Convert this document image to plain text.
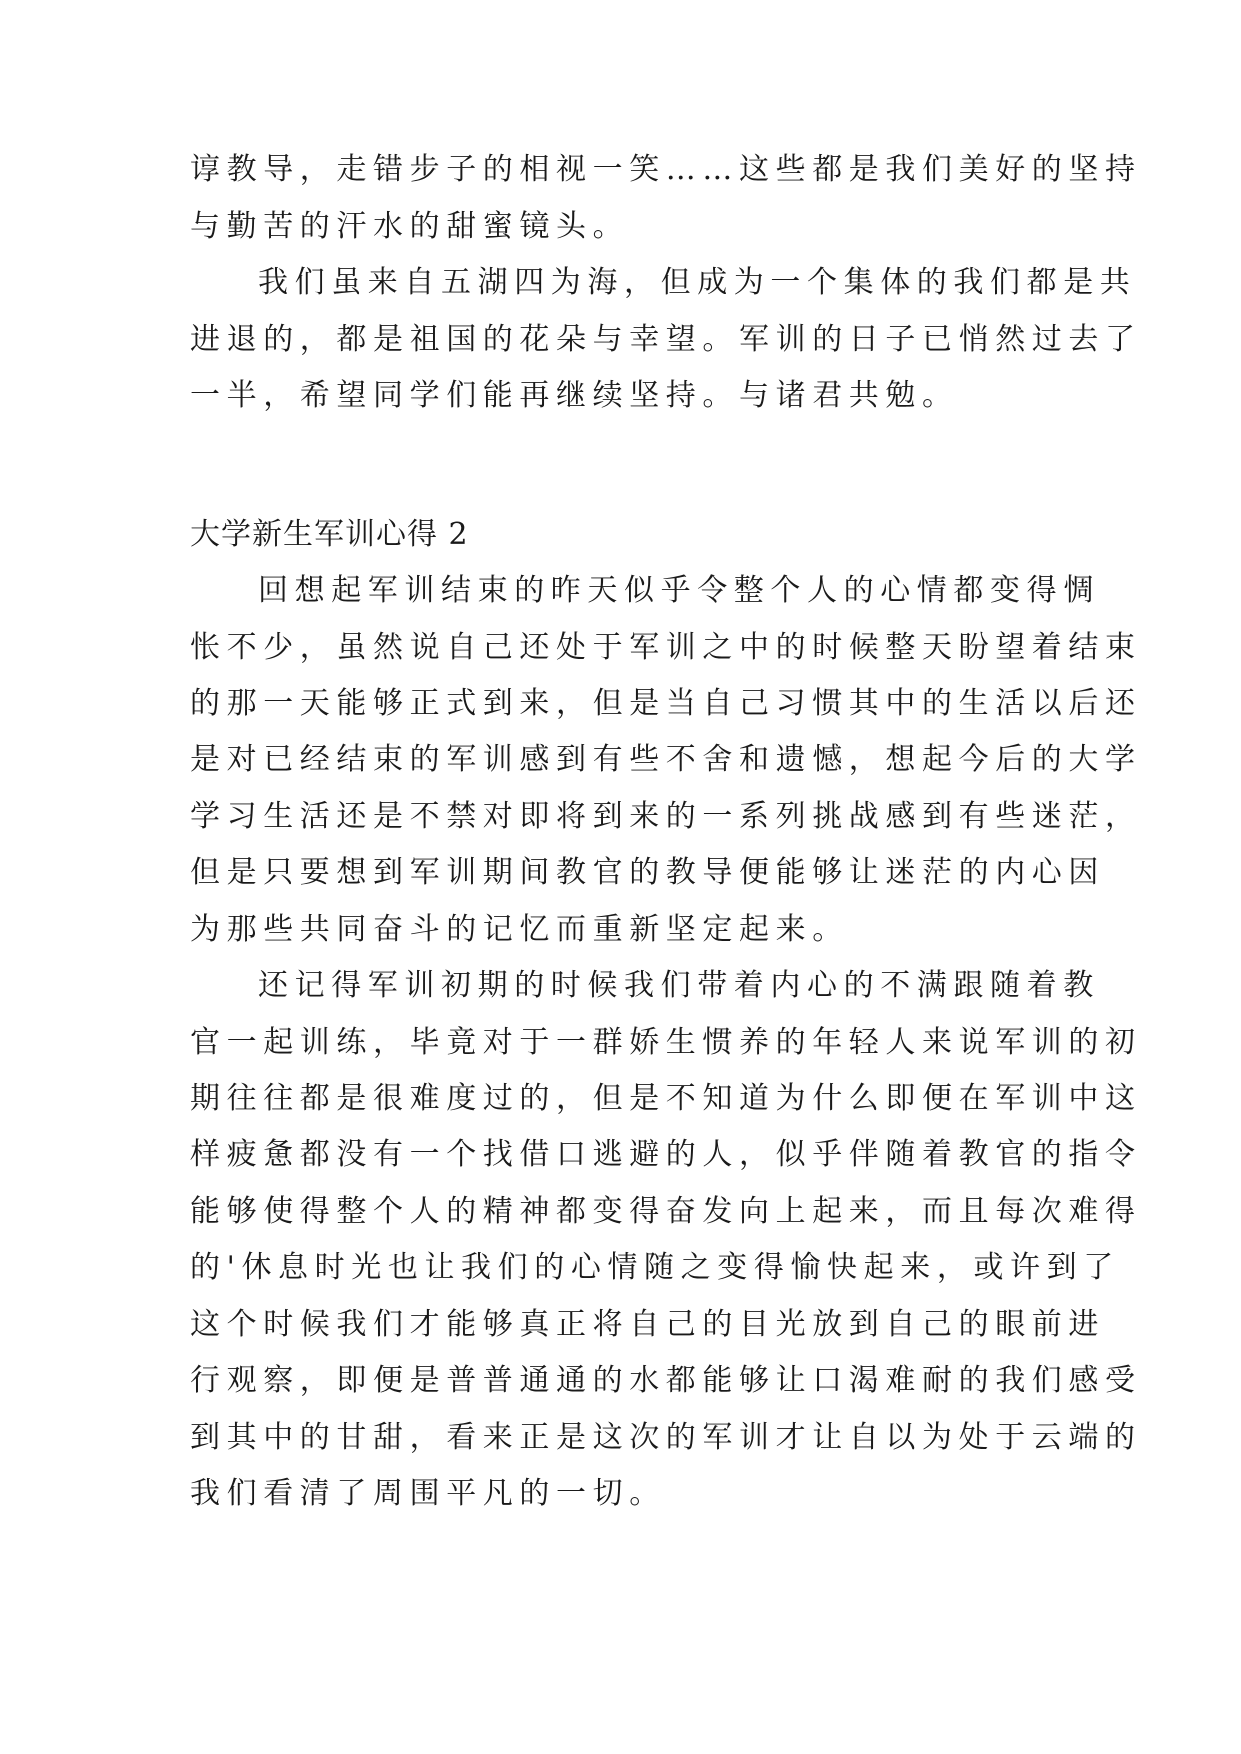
谆教导，走错步子的相视一笑……这些都是我们美好的坚持
与勤苦的汗水的甜蜜镜头。
我们虽来自五湖四为海，但成为一个集体的我们都是共
进退的，都是祖国的花朵与幸望。军训的日子已悄然过去了
一半，希望同学们能再继续坚持。与诸君共勉。
大学新生军训心得 2
回想起军训结束的昨天似乎令整个人的心情都变得惆
怅不少，虽然说自己还处于军训之中的时候整天盼望着结束
的那一天能够正式到来，但是当自己习惯其中的生活以后还
是对已经结束的军训感到有些不舍和遗憾，想起今后的大学
学习生活还是不禁对即将到来的一系列挑战感到有些迷茫，
但是只要想到军训期间教官的教导便能够让迷茫的内心因
为那些共同奋斗的记忆而重新坚定起来。
还记得军训初期的时候我们带着内心的不满跟随着教
官一起训练，毕竟对于一群娇生惯养的年轻人来说军训的初
期往往都是很难度过的，但是不知道为什么即便在军训中这
样疲惫都没有一个找借口逃避的人，似乎伴随着教官的指令
能够使得整个人的精神都变得奋发向上起来，而且每次难得
的'休息时光也让我们的心情随之变得愉快起来，或许到了
这个时候我们才能够真正将自己的目光放到自己的眼前进
行观察，即便是普普通通的水都能够让口渴难耐的我们感受
到其中的甘甜，看来正是这次的军训才让自以为处于云端的
我们看清了周围平凡的一切。
